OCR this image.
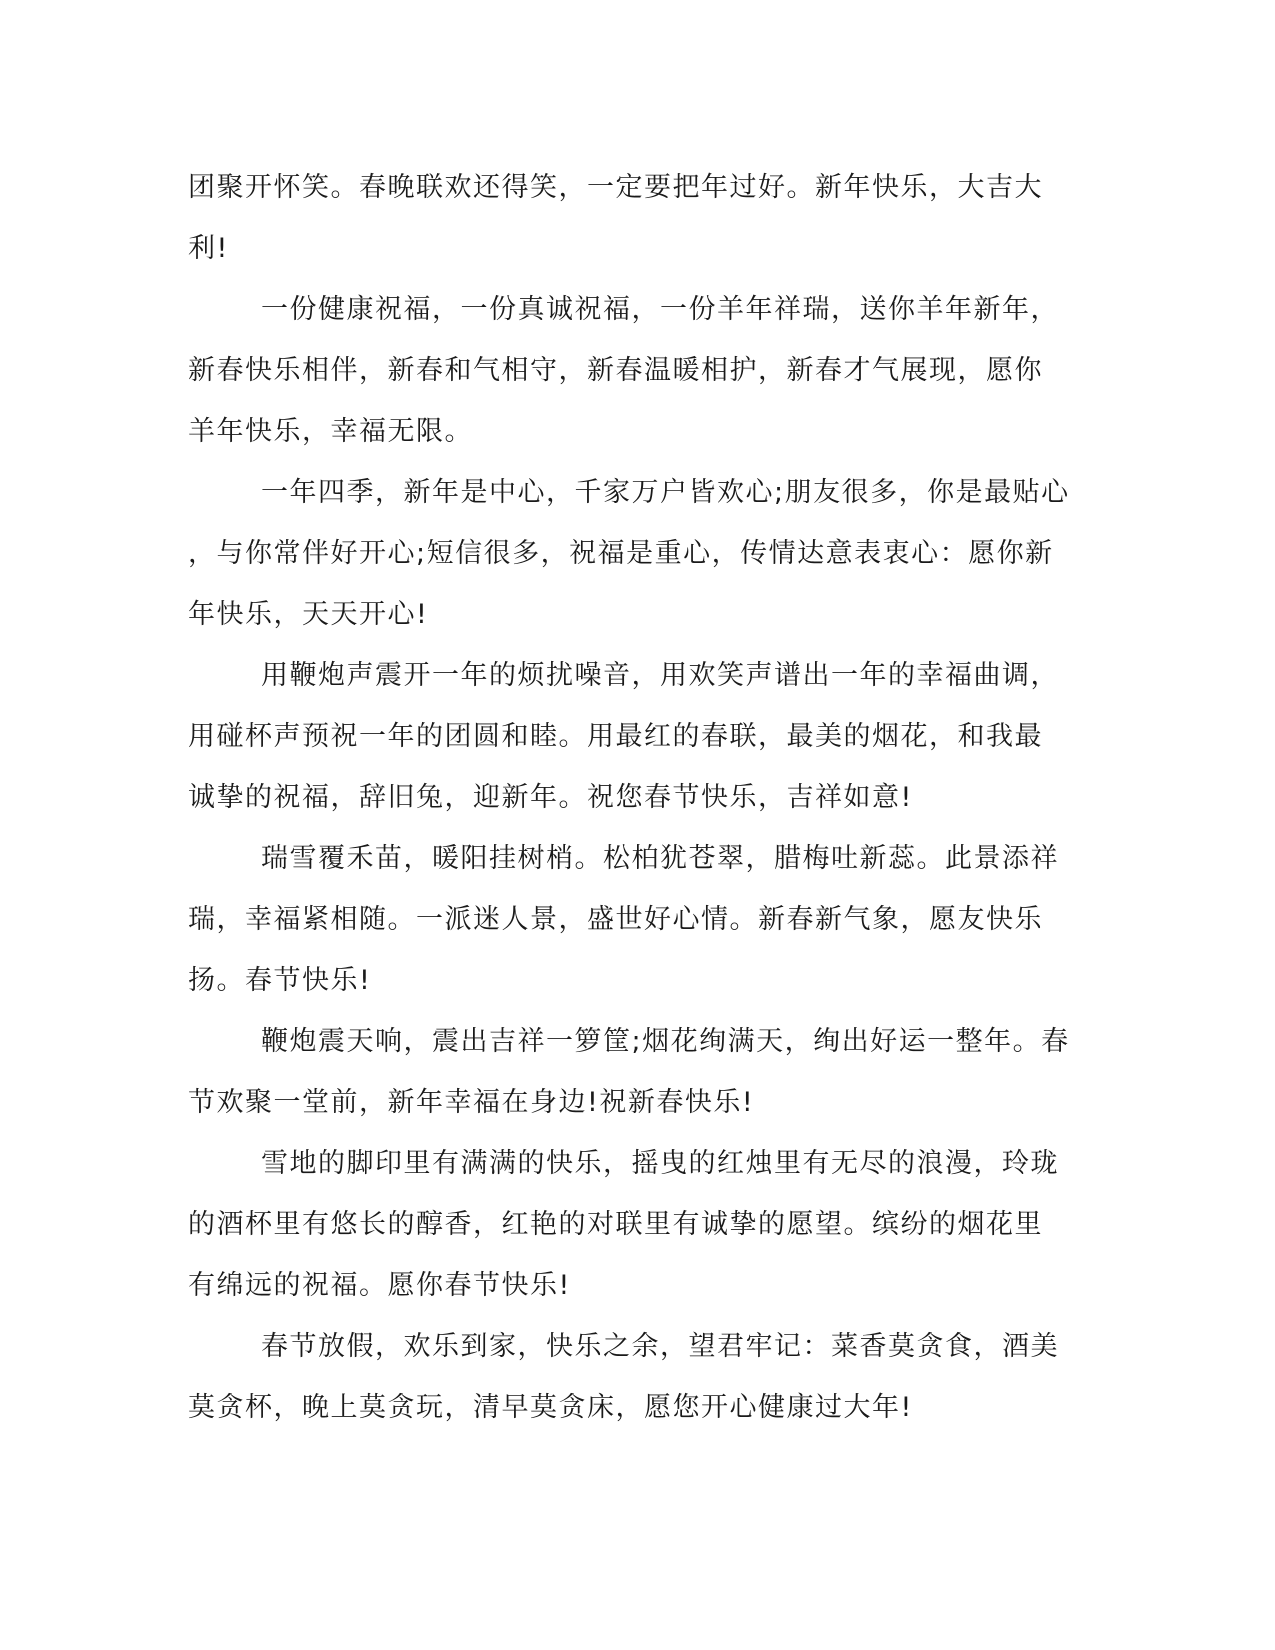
团聚开怀笑。春晚联欢还得笑，一定要把年过好。新年快乐，大吉大
利!

一份健康祝福，一份真诚祝福，一份羊年祥瑞，送你羊年新年，
新春快乐相伴，新春和气相守，新春温暖相护，新春才气展现，愿你
羊年快乐，幸福无限。

一年四季，新年是中心，千家万户皆欢心;朋友很多，你是最贴心
，与你常伴好开心;短信很多，祝福是重心，传情达意表衷心：愿你新
年快乐，天天开心!

用鞭炮声震开一年的烦扰噪音，用欢笑声谱出一年的幸福曲调，
用碰杯声预祝一年的团圆和睦。用最红的春联，最美的烟花，和我最
诚挚的祝福，辞旧兔，迎新年。祝您春节快乐，吉祥如意!

瑞雪覆禾苗，暖阳挂树梢。松柏犹苍翠，腊梅吐新蕊。此景添祥
瑞，幸福紧相随。一派迷人景，盛世好心情。新春新气象，愿友快乐
扬。春节快乐!

鞭炮震天响，震出吉祥一箩筐;烟花绚满天，绚出好运一整年。春
节欢聚一堂前，新年幸福在身边!祝新春快乐!

雪地的脚印里有满满的快乐，摇曳的红烛里有无尽的浪漫，玲珑
的酒杯里有悠长的醇香，红艳的对联里有诚挚的愿望。缤纷的烟花里
有绵远的祝福。愿你春节快乐!

春节放假，欢乐到家，快乐之余，望君牢记：菜香莫贪食，酒美
莫贪杯，晚上莫贪玩，清早莫贪床，愿您开心健康过大年!
